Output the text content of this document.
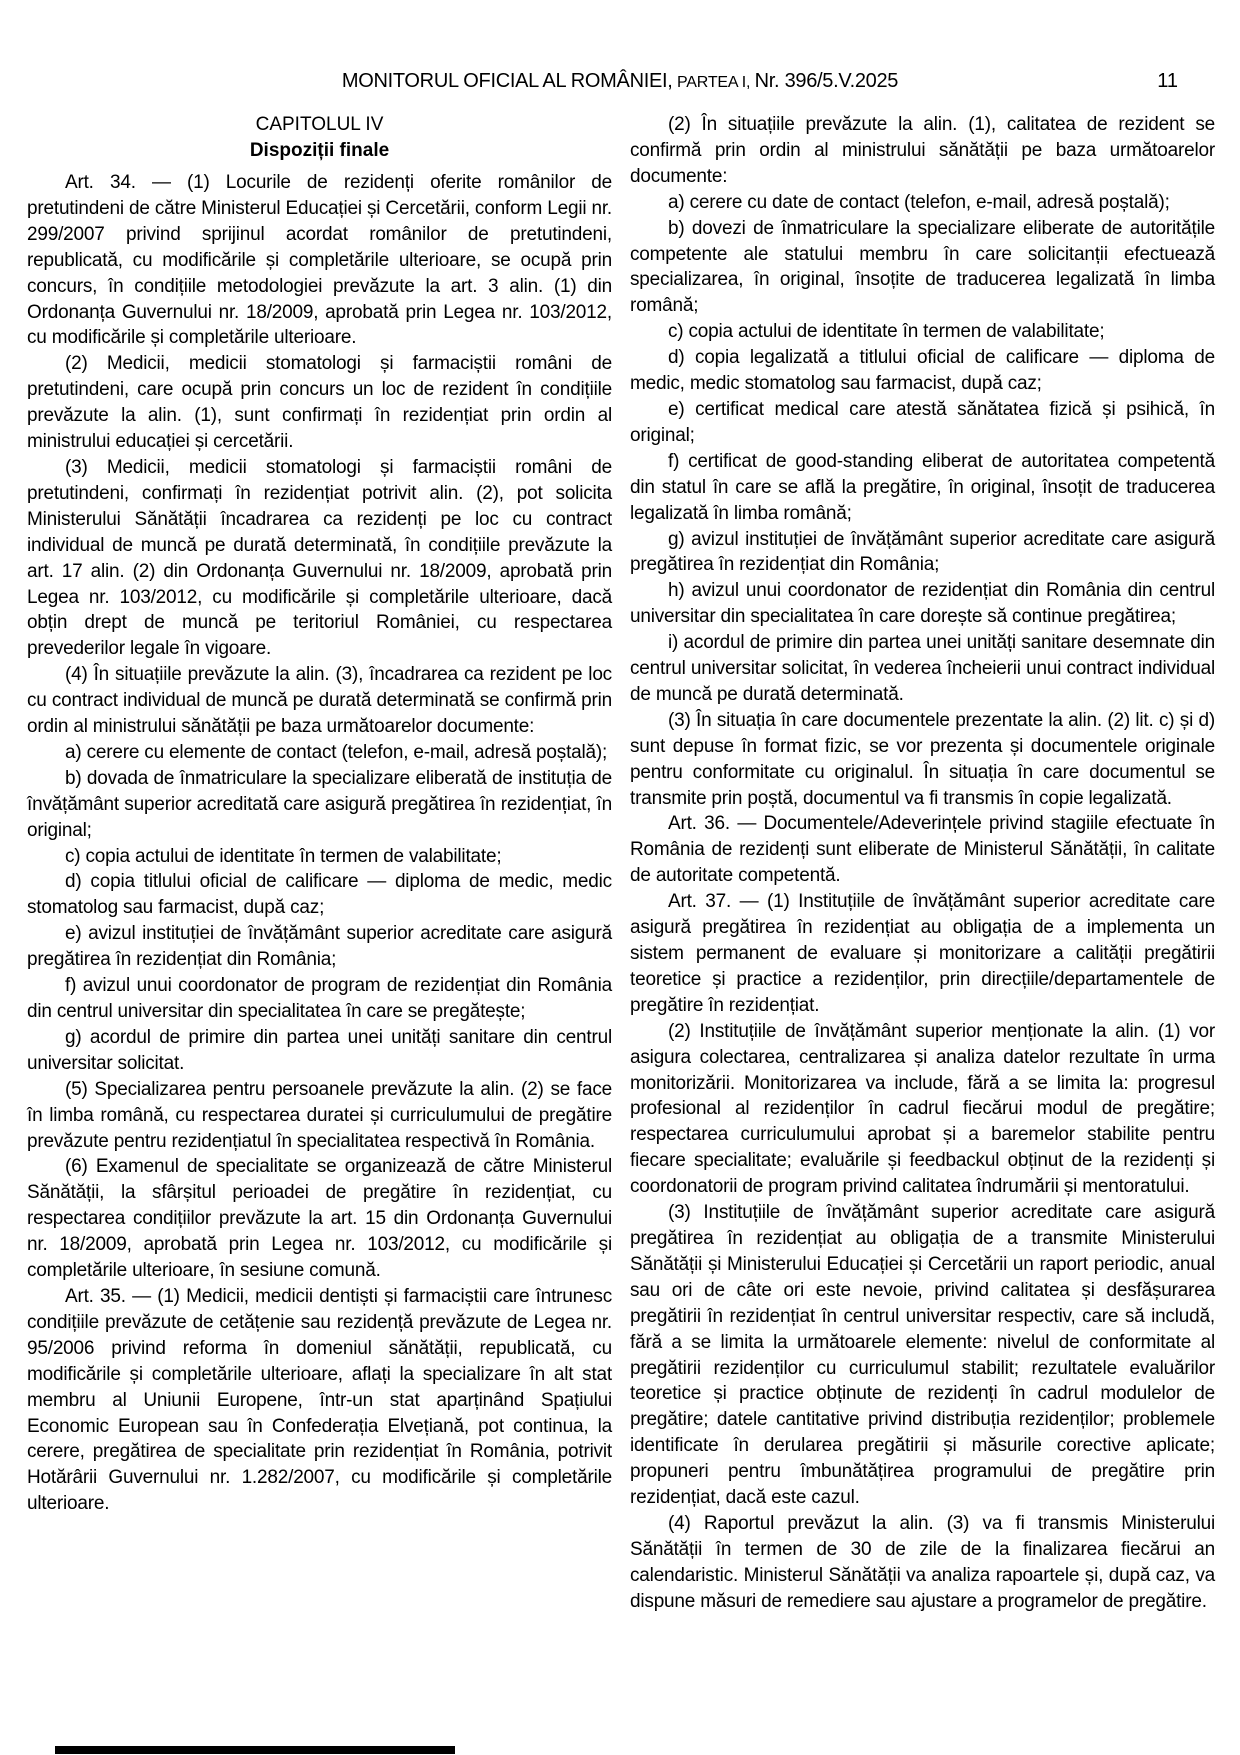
MONITORUL OFICIAL AL ROMÂNIEI, PARTEA I, Nr. 396/5.V.2025	11
CAPITOLUL IV
Dispoziții finale

Art. 34. — (1) Locurile de rezidenți oferite românilor de pretutindeni de către Ministerul Educației și Cercetării, conform Legii nr. 299/2007 privind sprijinul acordat românilor de pretutindeni, republicată, cu modificările și completările ulterioare, se ocupă prin concurs, în condițiile metodologiei prevăzute la art. 3 alin. (1) din Ordonanța Guvernului nr. 18/2009, aprobată prin Legea nr. 103/2012, cu modificările și completările ulterioare.

(2) Medicii, medicii stomatologi și farmaciștii români de pretutindeni, care ocupă prin concurs un loc de rezident în condițiile prevăzute la alin. (1), sunt confirmați în rezidențiat prin ordin al ministrului educației și cercetării.

(3) Medicii, medicii stomatologi și farmaciștii români de pretutindeni, confirmați în rezidențiat potrivit alin. (2), pot solicita Ministerului Sănătății încadrarea ca rezidenți pe loc cu contract individual de muncă pe durată determinată, în condițiile prevăzute la art. 17 alin. (2) din Ordonanța Guvernului nr. 18/2009, aprobată prin Legea nr. 103/2012, cu modificările și completările ulterioare, dacă obțin drept de muncă pe teritoriul României, cu respectarea prevederilor legale în vigoare.

(4) În situațiile prevăzute la alin. (3), încadrarea ca rezident pe loc cu contract individual de muncă pe durată determinată se confirmă prin ordin al ministrului sănătății pe baza următoarelor documente:

a) cerere cu elemente de contact (telefon, e-mail, adresă poștală);

b) dovada de înmatriculare la specializare eliberată de instituția de învățământ superior acreditată care asigură pregătirea în rezidențiat, în original;

c) copia actului de identitate în termen de valabilitate;

d) copia titlului oficial de calificare — diploma de medic, medic stomatolog sau farmacist, după caz;

e) avizul instituției de învățământ superior acreditate care asigură pregătirea în rezidențiat din România;

f) avizul unui coordonator de program de rezidențiat din România din centrul universitar din specialitatea în care se pregătește;

g) acordul de primire din partea unei unități sanitare din centrul universitar solicitat.

(5) Specializarea pentru persoanele prevăzute la alin. (2) se face în limba română, cu respectarea duratei și curriculumului de pregătire prevăzute pentru rezidențiatul în specialitatea respectivă în România.

(6) Examenul de specialitate se organizează de către Ministerul Sănătății, la sfârșitul perioadei de pregătire în rezidențiat, cu respectarea condițiilor prevăzute la art. 15 din Ordonanța Guvernului nr. 18/2009, aprobată prin Legea nr. 103/2012, cu modificările și completările ulterioare, în sesiune comună.

Art. 35. — (1) Medicii, medicii dentiști și farmaciștii care întrunesc condițiile prevăzute de cetățenie sau rezidență prevăzute de Legea nr. 95/2006 privind reforma în domeniul sănătății, republicată, cu modificările și completările ulterioare, aflați la specializare în alt stat membru al Uniunii Europene, într-un stat aparținând Spațiului Economic European sau în Confederația Elvețiană, pot continua, la cerere, pregătirea de specialitate prin rezidențiat în România, potrivit Hotărârii Guvernului nr. 1.282/2007, cu modificările și completările ulterioare.

(2) În situațiile prevăzute la alin. (1), calitatea de rezident se confirmă prin ordin al ministrului sănătății pe baza următoarelor documente:

a) cerere cu date de contact (telefon, e-mail, adresă poștală);

b) dovezi de înmatriculare la specializare eliberate de autoritățile competente ale statului membru în care solicitanții efectuează specializarea, în original, însoțite de traducerea legalizată în limba română;

c) copia actului de identitate în termen de valabilitate;

d) copia legalizată a titlului oficial de calificare — diploma de medic, medic stomatolog sau farmacist, după caz;

e) certificat medical care atestă sănătatea fizică și psihică, în original;

f) certificat de good-standing eliberat de autoritatea competentă din statul în care se află la pregătire, în original, însoțit de traducerea legalizată în limba română;

g) avizul instituției de învățământ superior acreditate care asigură pregătirea în rezidențiat din România;

h) avizul unui coordonator de rezidențiat din România din centrul universitar din specialitatea în care dorește să continue pregătirea;

i) acordul de primire din partea unei unități sanitare desemnate din centrul universitar solicitat, în vederea încheierii unui contract individual de muncă pe durată determinată.

(3) În situația în care documentele prezentate la alin. (2) lit. c) și d) sunt depuse în format fizic, se vor prezenta și documentele originale pentru conformitate cu originalul. În situația în care documentul se transmite prin poștă, documentul va fi transmis în copie legalizată.

Art. 36. — Documentele/Adeverințele privind stagiile efectuate în România de rezidenți sunt eliberate de Ministerul Sănătății, în calitate de autoritate competentă.

Art. 37. — (1) Instituțiile de învățământ superior acreditate care asigură pregătirea în rezidențiat au obligația de a implementa un sistem permanent de evaluare și monitorizare a calității pregătirii teoretice și practice a rezidenților, prin direcțiile/departamentele de pregătire în rezidențiat.

(2) Instituțiile de învățământ superior menționate la alin. (1) vor asigura colectarea, centralizarea și analiza datelor rezultate în urma monitorizării. Monitorizarea va include, fără a se limita la: progresul profesional al rezidenților în cadrul fiecărui modul de pregătire; respectarea curriculumului aprobat și a baremelor stabilite pentru fiecare specialitate; evaluările și feedbackul obținut de la rezidenți și coordonatorii de program privind calitatea îndrumării și mentoratului.

(3) Instituțiile de învățământ superior acreditate care asigură pregătirea în rezidențiat au obligația de a transmite Ministerului Sănătății și Ministerului Educației și Cercetării un raport periodic, anual sau ori de câte ori este nevoie, privind calitatea și desfășurarea pregătirii în rezidențiat în centrul universitar respectiv, care să includă, fără a se limita la următoarele elemente: nivelul de conformitate al pregătirii rezidenților cu curriculumul stabilit; rezultatele evaluărilor teoretice și practice obținute de rezidenți în cadrul modulelor de pregătire; datele cantitative privind distribuția rezidenților; problemele identificate în derularea pregătirii și măsurile corective aplicate; propuneri pentru îmbunătățirea programului de pregătire prin rezidențiat, dacă este cazul.

(4) Raportul prevăzut la alin. (3) va fi transmis Ministerului Sănătății în termen de 30 de zile de la finalizarea fiecărui an calendaristic. Ministerul Sănătății va analiza rapoartele și, după caz, va dispune măsuri de remediere sau ajustare a programelor de pregătire.
